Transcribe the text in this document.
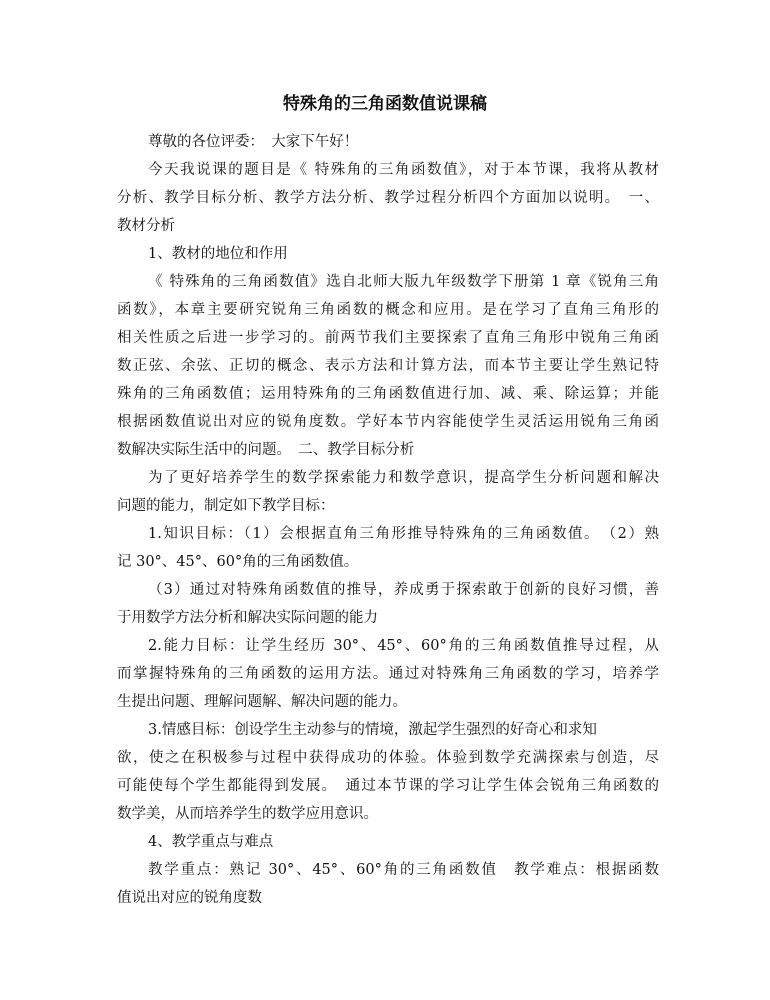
特殊角的三角函数值说课稿
尊敬的各位评委：　大家下午好！
今天我说课的题目是《 特殊角的三角函数值》，对于本节课，我将从教材
分析、教学目标分析、教学方法分析、教学过程分析四个方面加以说明。　一、
教材分析
1、教材的地位和作用
《 特殊角的三角函数值》选自北师大版九年级数学下册第 1 章《锐角三角
函数》，本章主要研究锐角三角函数的概念和应用。是在学习了直角三角形的
相关性质之后进一步学习的。前两节我们主要探索了直角三角形中锐角三角函
数正弦、余弦、正切的概念、表示方法和计算方法，而本节主要让学生熟记特
殊角的三角函数值；运用特殊角的三角函数值进行加、减、乘、除运算；并能
根据函数值说出对应的锐角度数。学好本节内容能使学生灵活运用锐角三角函
数解决实际生活中的问题。　二、教学目标分析
为了更好培养学生的数学探索能力和数学意识，提高学生分析问题和解决
问题的能力，制定如下教学目标：
1.知识目标：（1）会根据直角三角形推导特殊角的三角函数值。　（2）熟
记 30°、45°、60°角的三角函数值。
（3）通过对特殊角函数值的推导，养成勇于探索敢于创新的良好习惯，善
于用数学方法分析和解决实际问题的能力
2.能力目标：让学生经历 30°、45°、60°角的三角函数值推导过程，从
而掌握特殊角的三角函数的运用方法。通过对特殊角三角函数的学习，培养学
生提出问题、理解问题解、解决问题的能力。
3.情感目标：创设学生主动参与的情境，激起学生强烈的好奇心和求知
欲，使之在积极参与过程中获得成功的体验。体验到数学充满探索与创造，尽
可能使每个学生都能得到发展。　通过本节课的学习让学生体会锐角三角函数的
数学美，从而培养学生的数学应用意识。
4、教学重点与难点
教学重点：熟记 30°、45°、60°角的三角函数值　教学难点：根据函数
值说出对应的锐角度数
